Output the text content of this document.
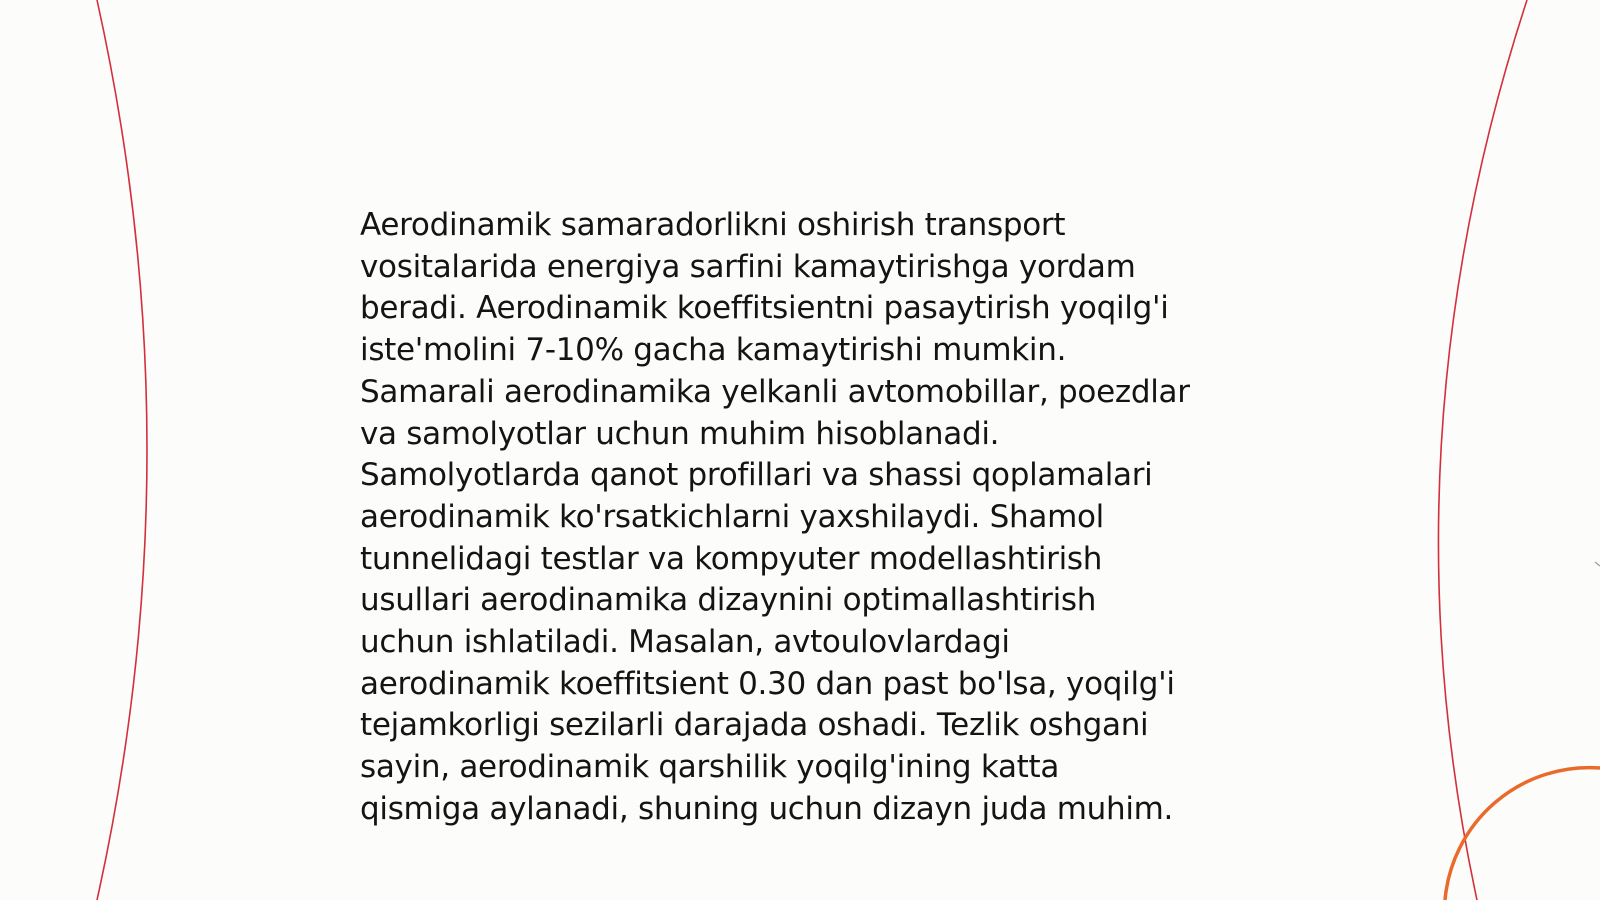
Aerodinamik samaradorlikni oshirish transport
vositalarida energiya sarfini kamaytirishga yordam
beradi. Aerodinamik koeffitsientni pasaytirish yoqilg'i
iste'molini 7-10% gacha kamaytirishi mumkin.
Samarali aerodinamika yelkanli avtomobillar, poezdlar
va samolyotlar uchun muhim hisoblanadi.
Samolyotlarda qanot profillari va shassi qoplamalari
aerodinamik ko'rsatkichlarni yaxshilaydi. Shamol
tunnelidagi testlar va kompyuter modellashtirish
usullari aerodinamika dizaynini optimallashtirish
uchun ishlatiladi. Masalan, avtoulovlardagi
aerodinamik koeffitsient 0.30 dan past bo'lsa, yoqilg'i
tejamkorligi sezilarli darajada oshadi. Tezlik oshgani
sayin, aerodinamik qarshilik yoqilg'ining katta
qismiga aylanadi, shuning uchun dizayn juda muhim.
